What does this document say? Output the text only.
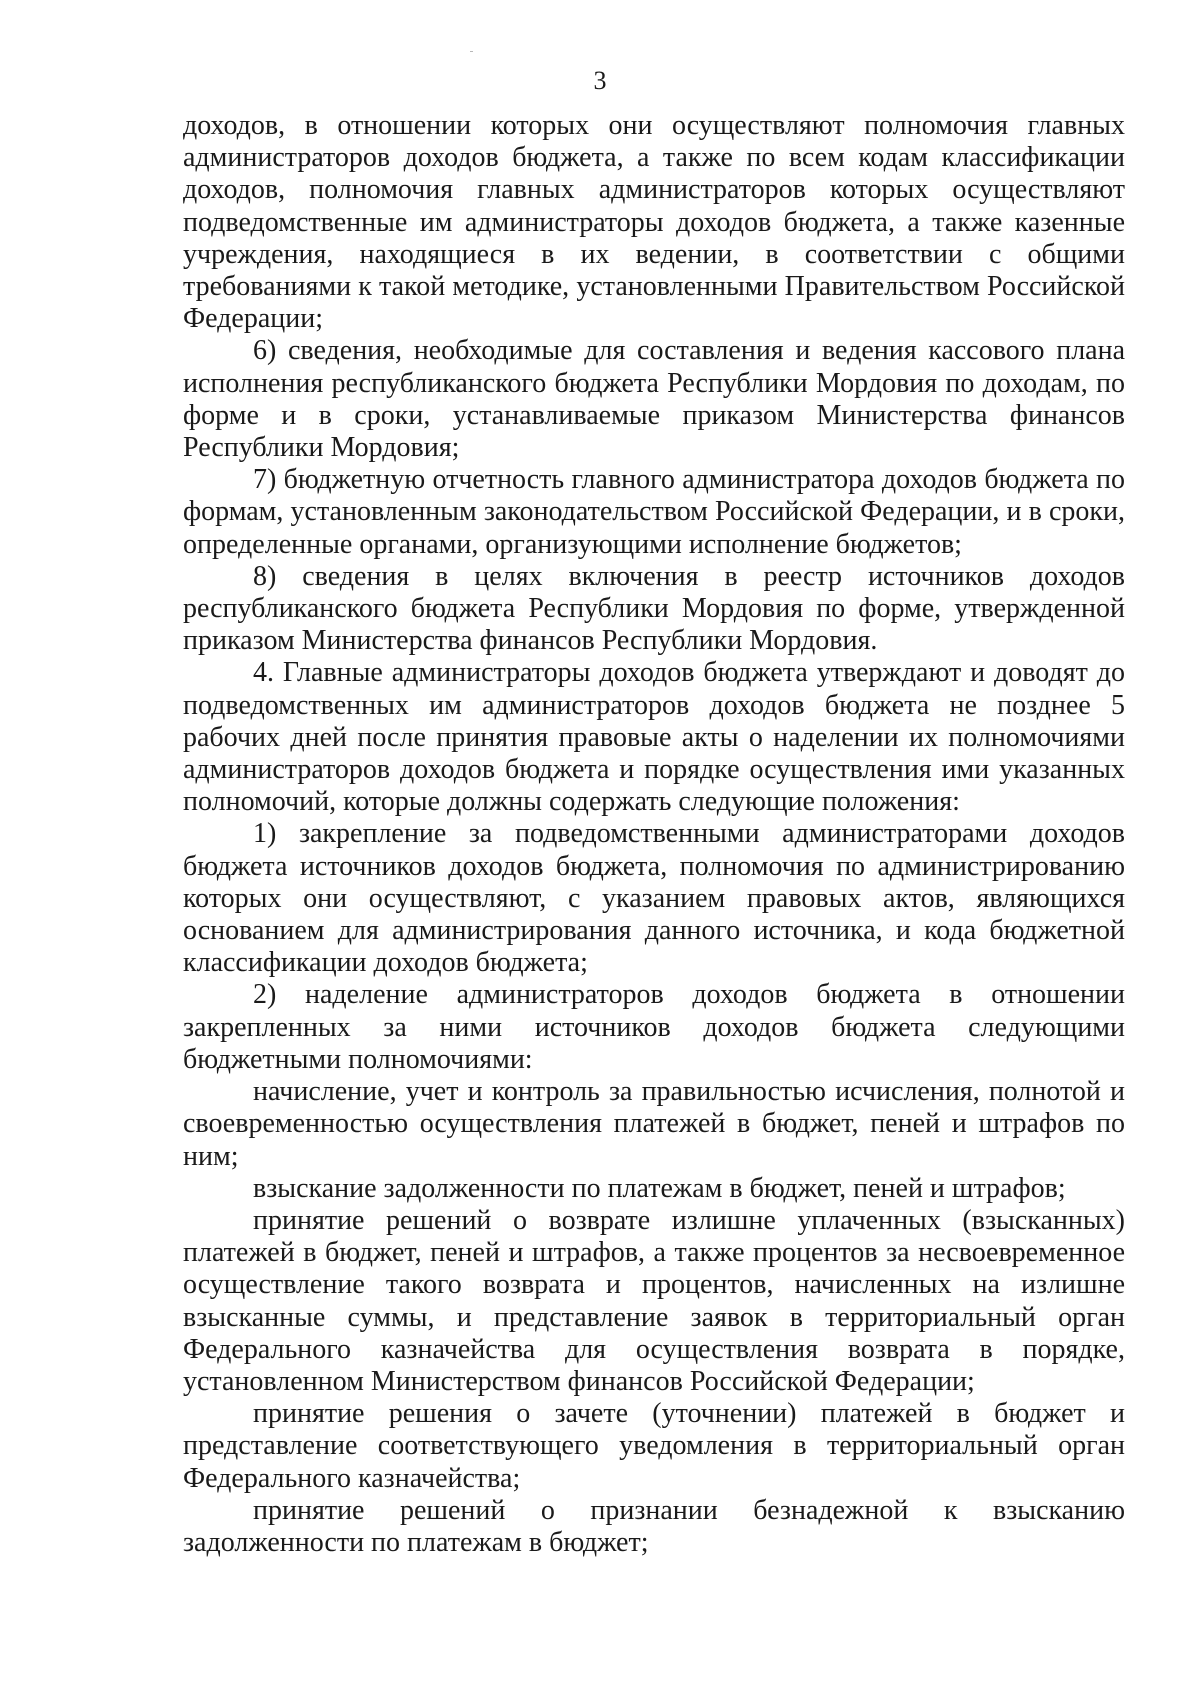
3

доходов, в отношении которых они осуществляют полномочия главных администраторов доходов бюджета, а также по всем кодам классификации доходов, полномочия главных администраторов которых осуществляют подведомственные им администраторы доходов бюджета, а также казенные учреждения, находящиеся в их ведении, в соответствии с общими требованиями к такой методике, установленными Правительством Российской Федерации;

6) сведения, необходимые для составления и ведения кассового плана исполнения республиканского бюджета Республики Мордовия по доходам, по форме и в сроки, устанавливаемые приказом Министерства финансов Республики Мордовия;

7) бюджетную отчетность главного администратора доходов бюджета по формам, установленным законодательством Российской Федерации, и в сроки, определенные органами, организующими исполнение бюджетов;

8) сведения в целях включения в реестр источников доходов республиканского бюджета Республики Мордовия по форме, утвержденной приказом Министерства финансов Республики Мордовия.

4. Главные администраторы доходов бюджета утверждают и доводят до подведомственных им администраторов доходов бюджета не позднее 5 рабочих дней после принятия правовые акты о наделении их полномочиями администраторов доходов бюджета и порядке осуществления ими указанных полномочий, которые должны содержать следующие положения:

1) закрепление за подведомственными администраторами доходов бюджета источников доходов бюджета, полномочия по администрированию которых они осуществляют, с указанием правовых актов, являющихся основанием для администрирования данного источника, и кода бюджетной классификации доходов бюджета;

2) наделение администраторов доходов бюджета в отношении закрепленных за ними источников доходов бюджета следующими бюджетными полномочиями:

начисление, учет и контроль за правильностью исчисления, полнотой и своевременностью осуществления платежей в бюджет, пеней и штрафов по ним;

взыскание задолженности по платежам в бюджет, пеней и штрафов;

принятие решений о возврате излишне уплаченных (взысканных) платежей в бюджет, пеней и штрафов, а также процентов за несвоевременное осуществление такого возврата и процентов, начисленных на излишне взысканные суммы, и представление заявок в территориальный орган Федерального казначейства для осуществления возврата в порядке, установленном Министерством финансов Российской Федерации;

принятие решения о зачете (уточнении) платежей в бюджет и представление соответствующего уведомления в территориальный орган Федерального казначейства;

принятие решений о признании безнадежной к взысканию задолженности по платежам в бюджет;
